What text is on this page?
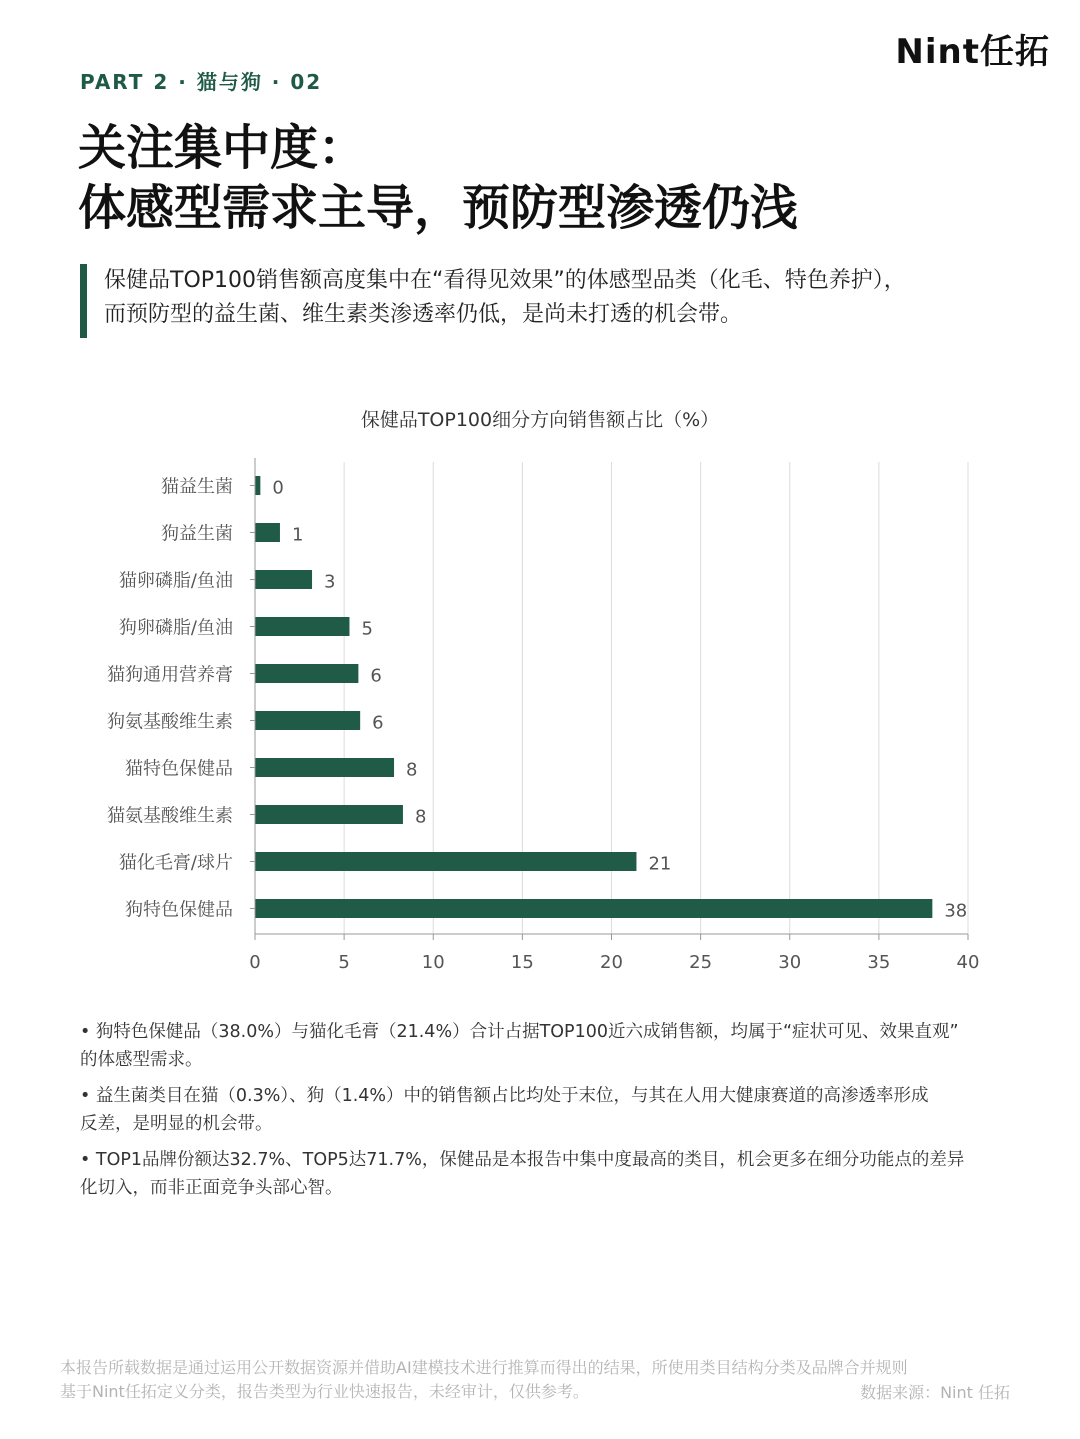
Nint任拓
PART 2 · 猫与狗 · 02
关注集中度：
体感型需求主导，预防型渗透仍浅
保健品TOP100销售额高度集中在“看得见效果”的体感型品类（化毛、特色养护），
而预防型的益生菌、维生素类渗透率仍低，是尚未打透的机会带。
保健品TOP100细分方向销售额占比（%）
0
1
3
5
6
6
8
8
21
38
0	5	10	15	20	25	30	35	40
猫益生菌
狗益生菌
猫卵磷脂/鱼油
狗卵磷脂/鱼油
猫狗通用营养膏
狗氨基酸维生素
猫特色保健品
猫氨基酸维生素
猫化毛膏/球片
狗特色保健品
• 狗特色保健品（38.0%）与猫化毛膏（21.4%）合计占据TOP100近六成销售额，均属于“症状可见、效果直观”
的体感型需求。
• 益生菌类目在猫（0.3%）、狗（1.4%）中的销售额占比均处于末位，与其在人用大健康赛道的高渗透率形成
反差，是明显的机会带。
• TOP1品牌份额达32.7%、TOP5达71.7%，保健品是本报告中集中度最高的类目，机会更多在细分功能点的差异
化切入，而非正面竞争头部心智。
本报告所载数据是通过运用公开数据资源并借助AI建模技术进行推算而得出的结果，所使用类目结构分类及品牌合并规则
基于Nint任拓定义分类，报告类型为行业快速报告，未经审计，仅供参考。	数据来源：Nint 任拓
